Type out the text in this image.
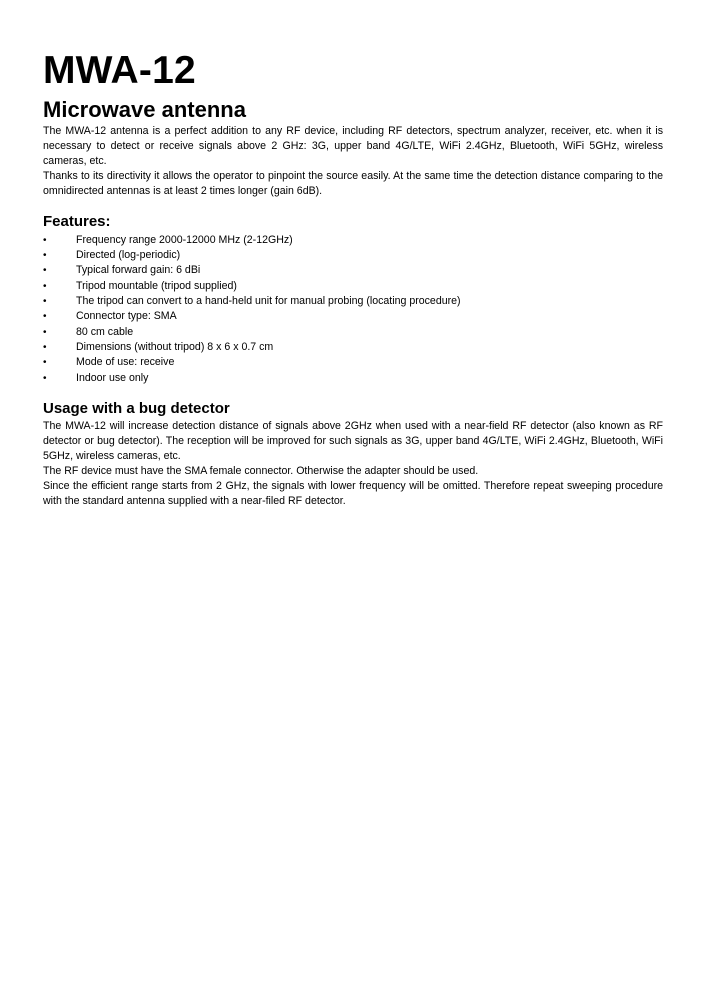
MWA-12
Microwave antenna

The MWA-12 antenna is a perfect addition to any RF device, including RF detectors, spectrum analyzer, receiver, etc. when it is necessary to detect or receive signals above 2 GHz: 3G, upper band 4G/LTE, WiFi 2.4GHz, Bluetooth, WiFi 5GHz, wireless cameras, etc.

Thanks to its directivity it allows the operator to pinpoint the source easily. At the same time the detection distance comparing to the omnidirected antennas is at least 2 times longer (gain 6dB).

Features:
•	Frequency range 2000-12000 MHz (2-12GHz)
•	Directed (log-periodic)
•	Typical forward gain: 6 dBi
•	Tripod mountable (tripod supplied)
•	The tripod can convert to a hand-held unit for manual probing (locating procedure)
•	Connector type: SMA
•	80 cm cable
•	Dimensions (without tripod) 8 x 6 x 0.7 cm
•	Mode of use: receive
•	Indoor use only
Usage with a bug detector

The MWA-12 will increase detection distance of signals above 2GHz when used with a near-field RF detector (also known as RF detector or bug detector). The reception will be improved for such signals as 3G, upper band 4G/LTE, WiFi 2.4GHz, Bluetooth, WiFi 5GHz, wireless cameras, etc.

The RF device must have the SMA female connector. Otherwise the adapter should be used.

Since the efficient range starts from 2 GHz, the signals with lower frequency will be omitted. Therefore repeat sweeping procedure with the standard antenna supplied with a near-filed RF detector.
